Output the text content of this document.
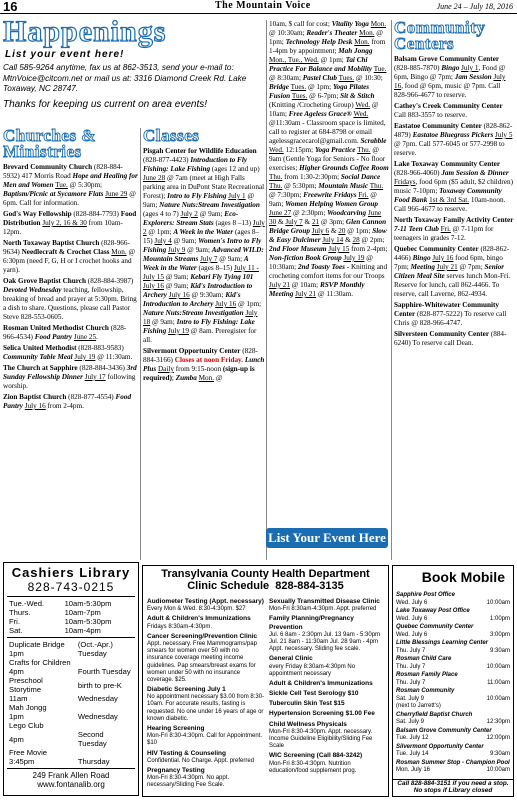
16	The Mountain Voice	June 24 – July 18, 2016
Happenings
List your event here!
Call 585-9264 anytime, fax us at 862-3513, send your e-mail to: MtnVoice@citcom.net or mail us at: 3316 Diamond Creek Rd. Lake Toxaway, NC 28747.
Thanks for keeping us current on area events!
Churches & Ministries
Brevard Community Church (828-884-5932) 417 Morris Road Hope and Healing for Men and Women Tue. @ 5:30pm; Baptism/Picnic at Sycamore Flats June 29 @ 6pm. Call for information.
God's Way Fellowship (828-884-7793) Food Distribution July 2, 16 & 30 from 10am-12pm.
North Toxaway Baptist Church (828-966-9634) Needlecraft & Crochet Class Mon. @ 6:30pm (need F, G, H or I crochet hooks and yarn).
Oak Grove Baptist Church (828-884-3987) Devoted Wednesday teaching, fellowship, breaking of bread and prayer at 5:30pm. Bring a dish to share. Questions, please call Pastor Steve 828-553-0605.
Rosman United Methodist Church (828-966-4534) Food Pantry June 25.
Selica United Methodist (828-883-9583) Community Table Meal July 19 @ 11:30am.
The Church at Sapphire (828-884-3436) 3rd Sunday Fellowship Dinner July 17 following worship.
Zion Baptist Church (828-877-4554) Food Pantry July 16 from 2-4pm.
Cashiers Library
828-743-0215
Tue.-Wed.	10am-5:30pm
Thurs.	10am-7pm
Fri.	10am-5:30pm
Sat.	10am-4pm
Duplicate Bridge	(Oct.-Apr.)
1pm	Tuesday
Crafts for Children	
4pm	Fourth Tuesday
Preschool Storytime	birth to pre-K
11am	Wednesday
Mah Jongg	
1pm	Wednesday
Lego Club	
4pm	Second Tuesday
Free Movie	
3:45pm	Thursday
249 Frank Allen Road
www.fontanalib.org
Classes
Pisgah Center for Wildlife Education (828-877-4423) Introduction to Fly Fishing: Lake Fishing (ages 12 and up) June 28 @ 7am (meet at High Falls parking area in DuPont State Recreational Forest); Intro to Fly Fishing July 1 @ 9am; Nature Nuts:Stream Investigation (ages 4 to 7) July 2 @ 9am; Eco-Explorers: Stream Stats (ages 8 –13) July 2 @ 1pm; A Week in the Water (ages 8–15) July 4 @ 9am; Women's Intro to Fly Fishing July 9 @ 9am; Advanced WILD: Mountain Streams July 7 @ 9am; A Week in the Water (ages 8–15) July 11 - July 15 @ 9am; Kebari Fly Tying 101 July 16 @ 9am; Kid's Introduction to Archery July 16 @ 9:30am; Kid's Introduction to Archery July 16 @ 1pm; Nature Nuts:Stream Investigation July 18 @ 9am; Intro to Fly Fishing: Lake Fishing July 19 @ 8am. Preregister for all.
Silvermont Opportunity Center (828-884-3166) Closes at noon Friday. Lunch Plus Daily from 9:15-noon (sign-up is required); Zumba Mon. @
10am, $ call for cost; Vitality Yoga Mon. @ 10:30am; Reader's Theater Mon. @ 1pm; Technology Help Desk Mon. from 1-4pm by appointment; Mah Jongg Mon., Tue., Wed. @ 1pm; Tai Chi Practice For Balance and Mobility Tue. @ 8:30am; Pastel Club Tues. @ 10:30; Bridge Tues. @ 1pm; Yoga Pilates Fusion Tues. @ 6-7pm; Sit & Stitch (Knitting /Crocheting Group) Wed. @ 10am; Free Ageless Grace® Wed. @11:30am - Classroom space is limited, call to register at 684-8798 or email agelessgracecarol@gmail.com. Scrabble Wed. 12:15pm; Yoga Practice Thu. @ 9am (Gentle Yoga for Seniors - No floor exercises; Higher Grounds Coffee Room Thu. from 1:30-2:30pm; Social Dance Thu. @ 5:30pm; Mountain Music Thu. @ 7:30pm; Freewrite Fridays Fri. @ 9am; Women Helping Women Group June 27 @ 2:30pm; Woodcarving June 30 & July 7 & 21 @ 3pm; Glen Cannon Bridge Group July 6 & 20 @ 1pm; Slow & Easy Dulcimer July 14 & 28 @ 2pm; 2nd Floor Museum July 15 from 2-4pm; Non-fiction Book Group July 19 @ 10:30am; 2nd Toasty Toes - Knitting and crocheting comfort items for our Troops July 21 @ 10am; RSVP Monthly Meeting July 21 @ 11:30am.
List Your Event Here
Community Centers
Balsam Grove Community Center (828-885-7870) Bingo July 1, Food @ 6pm, Bingo @ 7pm; Jam Session July 16, food @ 6pm, music @ 7pm. Call 828-966-4677 to reserve.
Cathey's Creek Community Center Call 883-3557 to reserve.
Eastatoe Community Center (828-862-4879) Eastatoe Bluegrass Pickers July 5 @ 7pm. Call 577-6045 or 577-2998 to reserve.
Lake Toxaway Community Center (828-966-4060) Jam Session & Dinner Fridays, food 6pm ($5 adult, $2 children) music 7-10pm; Toxaway Community Food Bank 1st & 3rd Sat. 10am-noon. Call 966-4677 to reserve.
North Toxaway Family Activity Center 7-11 Teen Club Fri. @ 7-11pm for teenagers in grades 7-12.
Quebec Community Center (828-862-4466) Bingo July 16 food 6pm, bingo 7pm; Meeting July 21 @ 7pm; Senior Citizen Meal Site serves lunch Mon-Fri. Reserve for lunch, call 862-4466. To reserve, call Laverne, 862-4934.
Sapphire-Whitewater Community Center (828-877-5222) To reserve call Chris @ 828-966-4747.
Silversteen Community Center (884-6240) To reserve call Dean.
Transylvania County Health Department
Clinic Schedule 828-884-3135
Audiometer Testing (Appt. necessary)
Every Mon & Wed. 8:30-4:30pm. $27
Adult & Children's Immunizations
Fridays 8:30am-4:30pm.
Cancer Screening/Prevention Clinic
Appt. necessary. Free Mammograms/pap smears for women over 50 with no insurance coverage meeting income guidelines. Pap smears/breast exams for women under 50 with no insurance coverage. $25.
Diabetic Screening July 1
No appointment necessary $3.00 from 8:30-10am. For accurate results, fasting is requested. No one under 16 years of age or known diabetic.
Hearing Screening
Mon-Fri 8:30-4:30pm. Call for Appointment. $10
HIV Testing & Counseling
Confidential. No Charge. Appt. preferred
Pregnancy Testing
Mon-Fri 8:30-4:30pm. No appt. necessary/Sliding Fee Scale.
Sexually Transmitted Disease Clinic
Mon-Fri 8:30am-4:30pm. Appt. preferred
Family Planning/Pregnancy Prevention
Jul. 6 8am - 2:30pm Jul. 13 9am - 5:30pm Jul. 21 8am - 11:30am Jul. 28 9am - 4pm Appt. necessary. Sliding fee scale.
General Clinic
every Friday 8:30am-4:30pm No appointment necessary
Adult & Children's Immunizations
Sickle Cell Test Serology $10
Tuberculin Skin Test $15
Hypertension Screening $1.00 Fee
Child Wellness Physicals
Mon-Fri 8:30-4:30pm. Appt. necessary. Income Guideline Eligibility/Sliding Fee Scale
WIC Screening (Call 884-3242)
Mon-Fri 8:30-4:30pm. Nutrition education/food supplement prog.
Book Mobile
Sapphire Post Office
Wed. July 6	10:00am
Lake Toxaway Post Office
Wed. July 6	1:00pm
Quebec Community Center
Wed. July 6	3:00pm
Little Blessings Learning Center
Thu. July 7	9:30am
Rosman Child Care
Thu. July 7	10:00am
Rosman Family Place
Thu. July 7	11:00am
Rosman Community
Sat. July 9	10:00am
(next to Jarrett's)
Cherryfield Baptist Church
Sat. July 9	12:30pm
Balsam Grove Community Center
Tue. July 12	12:00pm
Silvermont Opportunity Center
Tue. July 14	9:30am
Rosman Summer Stop - Champion Pool
Mon. July 16	10:00am
Call 828-884-3151 if you need a stop. No stops if Library closed
